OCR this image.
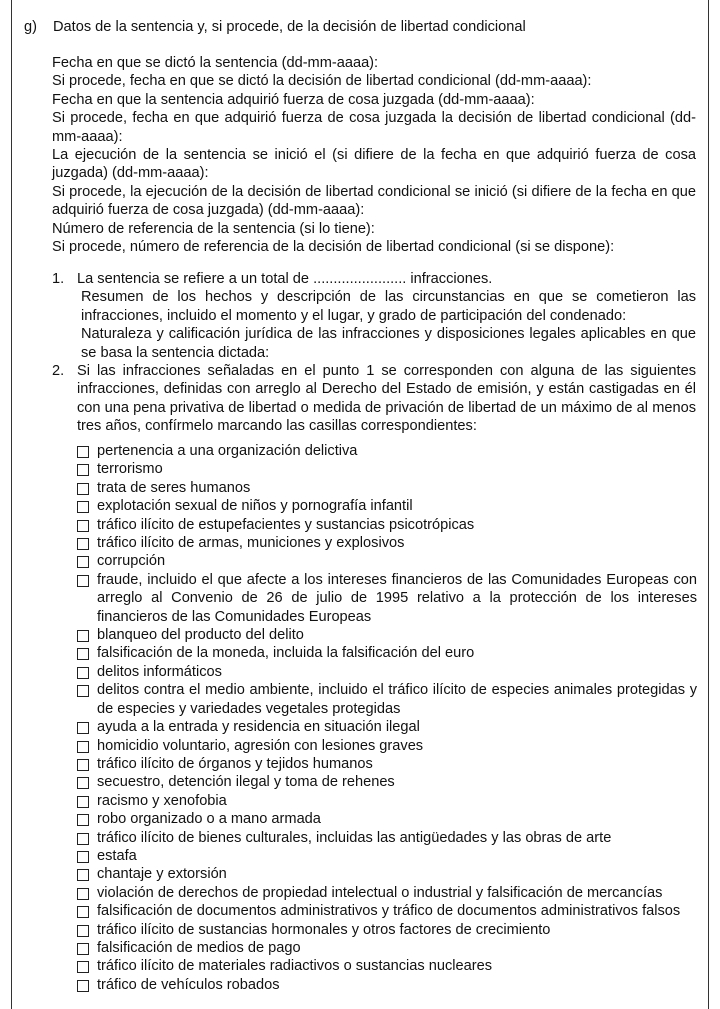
g) Datos de la sentencia y, si procede, de la decisión de libertad condicional

Fecha en que se dictó la sentencia (dd-mm-aaaa):

Si procede, fecha en que se dictó la decisión de libertad condicional (dd-mm-aaaa):

Fecha en que la sentencia adquirió fuerza de cosa juzgada (dd-mm-aaaa):

Si procede, fecha en que adquirió fuerza de cosa juzgada la decisión de libertad condicional (dd-mm-aaaa):

La ejecución de la sentencia se inició el (si difiere de la fecha en que adquirió fuerza de cosa juzgada) (dd-mm-aaaa):

Si procede, la ejecución de la decisión de libertad condicional se inició (si difiere de la fecha en que adquirió fuerza de cosa juzgada) (dd-mm-aaaa):

Número de referencia de la sentencia (si lo tiene):

Si procede, número de referencia de la decisión de libertad condicional (si se dispone):

1. La sentencia se refiere a un total de ....................... infracciones.

Resumen de los hechos y descripción de las circunstancias en que se cometieron las infracciones, incluido el momento y el lugar, y grado de participación del condenado:

Naturaleza y calificación jurídica de las infracciones y disposiciones legales aplicables en que se basa la sentencia dictada:

2. Si las infracciones señaladas en el punto 1 se corresponden con alguna de las siguientes infracciones, definidas con arreglo al Derecho del Estado de emisión, y están castigadas en él con una pena privativa de libertad o medida de privación de libertad de un máximo de al menos tres años, confírmelo marcando las casillas correspondientes:

pertenencia a una organización delictiva
terrorismo
trata de seres humanos
explotación sexual de niños y pornografía infantil
tráfico ilícito de estupefacientes y sustancias psicotrópicas
tráfico ilícito de armas, municiones y explosivos
corrupción
fraude, incluido el que afecte a los intereses financieros de las Comunidades Europeas con arreglo al Convenio de 26 de julio de 1995 relativo a la protección de los intereses financieros de las Comunidades Europeas
blanqueo del producto del delito
falsificación de la moneda, incluida la falsificación del euro
delitos informáticos
delitos contra el medio ambiente, incluido el tráfico ilícito de especies animales protegidas y de especies y variedades vegetales protegidas
ayuda a la entrada y residencia en situación ilegal
homicidio voluntario, agresión con lesiones graves
tráfico ilícito de órganos y tejidos humanos
secuestro, detención ilegal y toma de rehenes
racismo y xenofobia
robo organizado o a mano armada
tráfico ilícito de bienes culturales, incluidas las antigüedades y las obras de arte
estafa
chantaje y extorsión
violación de derechos de propiedad intelectual o industrial y falsificación de mercancías
falsificación de documentos administrativos y tráfico de documentos administrativos falsos
tráfico ilícito de sustancias hormonales y otros factores de crecimiento
falsificación de medios de pago
tráfico ilícito de materiales radiactivos o sustancias nucleares
tráfico de vehículos robados
